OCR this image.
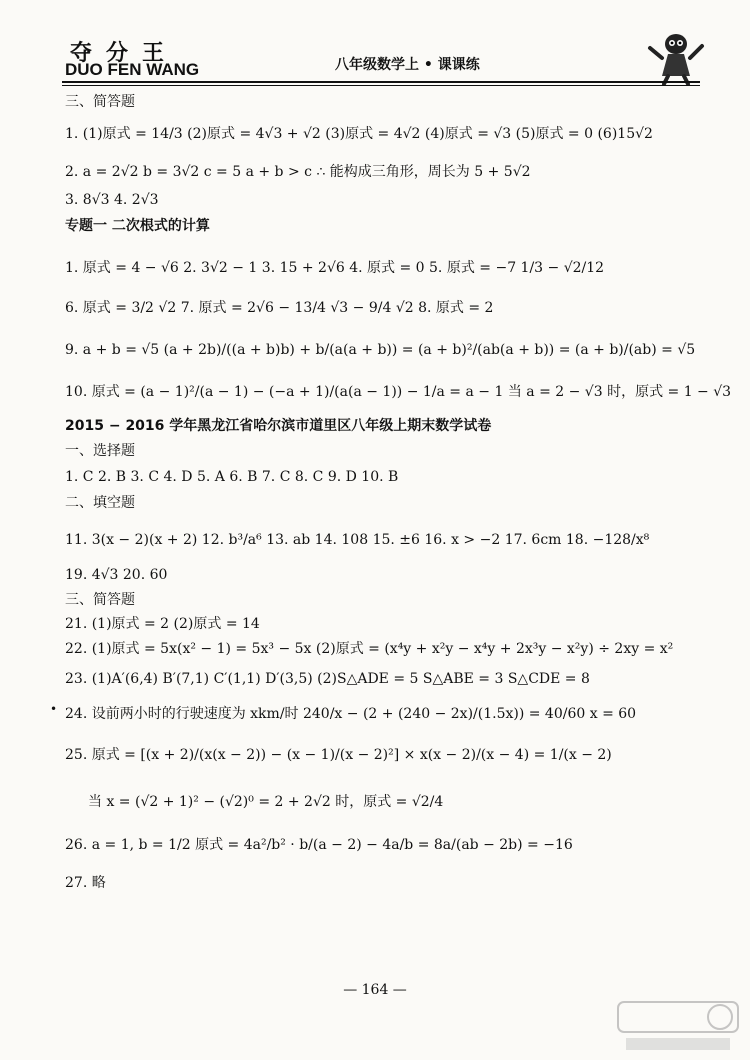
夺分王
DUO FEN WANG	八年级数学上 • 课课练
三、简答题
1. (1)原式 = 14/3 (2)原式 = 4√3 + √2 (3)原式 = 4√2 (4)原式 = √3 (5)原式 = 0 (6)15√2
2. a = 2√2 b = 3√2 c = 5 a + b > c ∴ 能构成三角形，周长为 5 + 5√2
3. 8√3 4. 2√3
专题一 二次根式的计算
1. 原式 = 4 − √6 2. 3√2 − 1 3. 15 + 2√6 4. 原式 = 0 5. 原式 = −7 1/3 − √2/12
6. 原式 = 3/2 √2 7. 原式 = 2√6 − 13/4 √3 − 9/4 √2 8. 原式 = 2
9. a + b = √5 (a + 2b)/((a + b)b) + b/(a(a + b)) = (a + b)²/(ab(a + b)) = (a + b)/(ab) = √5
10. 原式 = (a − 1)²/(a − 1) − (−a + 1)/(a(a − 1)) − 1/a = a − 1 当 a = 2 − √3 时，原式 = 1 − √3
2015 − 2016 学年黑龙江省哈尔滨市道里区八年级上期末数学试卷
一、选择题
1. C 2. B 3. C 4. D 5. A 6. B 7. C 8. C 9. D 10. B
二、填空题
11. 3(x − 2)(x + 2) 12. b³/a⁶ 13. ab 14. 108 15. ±6 16. x > −2 17. 6cm 18. −128/x⁸
19. 4√3 20. 60
三、简答题
21. (1)原式 = 2 (2)原式 = 14
22. (1)原式 = 5x(x² − 1) = 5x³ − 5x (2)原式 = (x⁴y + x²y − x⁴y + 2x³y − x²y) ÷ 2xy = x²
23. (1)A′(6,4) B′(7,1) C′(1,1) D′(3,5) (2)S△ADE = 5 S△ABE = 3 S△CDE = 8
• 24. 设前两小时的行驶速度为 xkm/时 240/x − (2 + (240 − 2x)/(1.5x)) = 40/60 x = 60
25. 原式 = [(x + 2)/(x(x − 2)) − (x − 1)/(x − 2)²] × x(x − 2)/(x − 4) = 1/(x − 2)
当 x = (√2 + 1)² − (√2)⁰ = 2 + 2√2 时，原式 = √2/4
26. a = 1, b = 1/2 原式 = 4a²/b² · b/(a − 2) − 4a/b = 8a/(ab − 2b) = −16
27. 略
— 164 —
